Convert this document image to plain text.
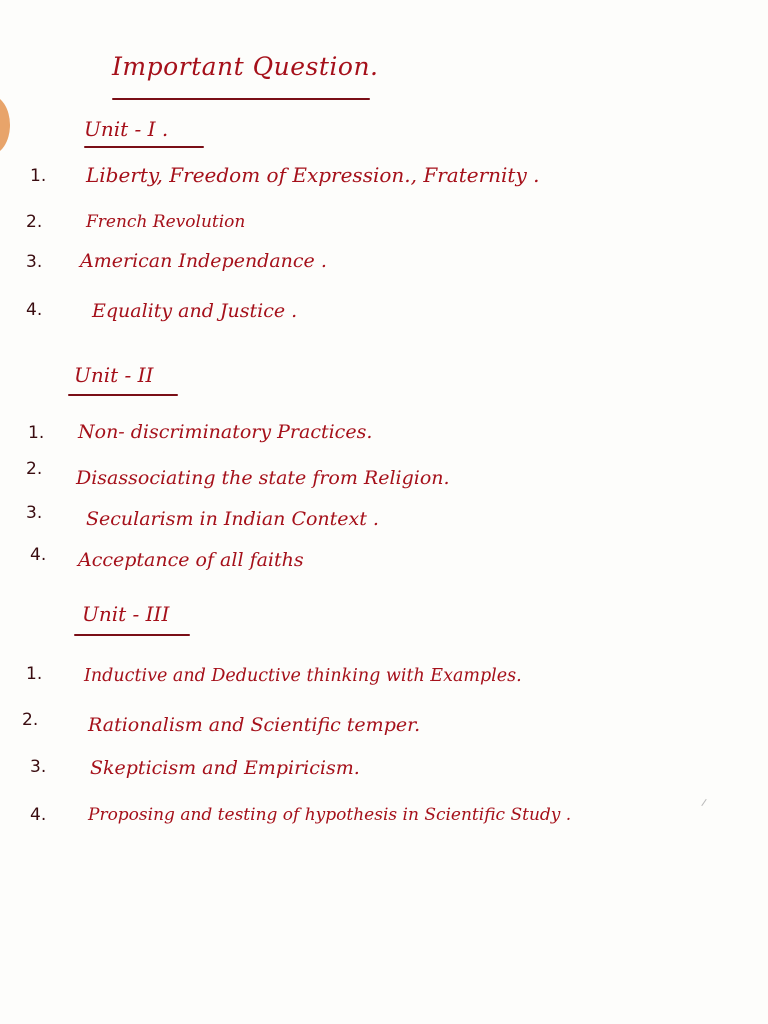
Important Question.
Unit - I .
1. Liberty, Freedom of Expression., Fraternity .
2.	French Revolution
3. American Independance .
4.	Equality and Justice .
Unit - II
1. Non- discriminatory Practices.
2. Disassociating the state from Religion.
3. Secularism in Indian Context .
4. Acceptance of all faiths
Unit - III
1. Inductive and Deductive thinking with Examples.
2.	Rationalism and Scientific temper.
3. Skepticism and Empiricism.
4. Proposing and testing of hypothesis in Scientific Study .
